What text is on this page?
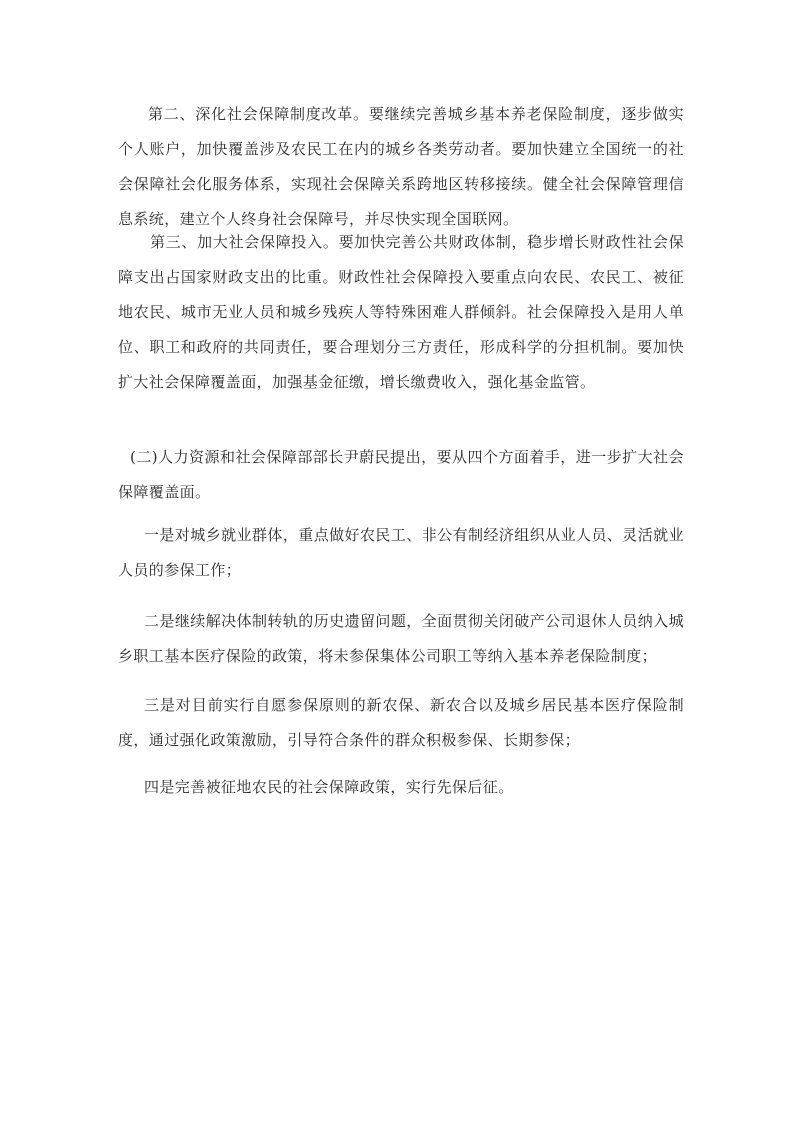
第二、深化社会保障制度改革。要继续完善城乡基本养老保险制度，逐步做实个人账户，加快覆盖涉及农民工在内的城乡各类劳动者。要加快建立全国统一的社会保障社会化服务体系，实现社会保障关系跨地区转移接续。健全社会保障管理信息系统，建立个人终身社会保障号，并尽快实现全国联网。

第三、加大社会保障投入。要加快完善公共财政体制，稳步增长财政性社会保障支出占国家财政支出的比重。财政性社会保障投入要重点向农民、农民工、被征地农民、城市无业人员和城乡残疾人等特殊困难人群倾斜。社会保障投入是用人单位、职工和政府的共同责任，要合理划分三方责任，形成科学的分担机制。要加快扩大社会保障覆盖面，加强基金征缴，增长缴费收入，强化基金监管。

(二)人力资源和社会保障部部长尹蔚民提出，要从四个方面着手，进一步扩大社会保障覆盖面。

一是对城乡就业群体，重点做好农民工、非公有制经济组织从业人员、灵活就业人员的参保工作；

二是继续解决体制转轨的历史遗留问题，全面贯彻关闭破产公司退休人员纳入城乡职工基本医疗保险的政策，将未参保集体公司职工等纳入基本养老保险制度；

三是对目前实行自愿参保原则的新农保、新农合以及城乡居民基本医疗保险制度，通过强化政策激励，引导符合条件的群众积极参保、长期参保；

四是完善被征地农民的社会保障政策，实行先保后征。
